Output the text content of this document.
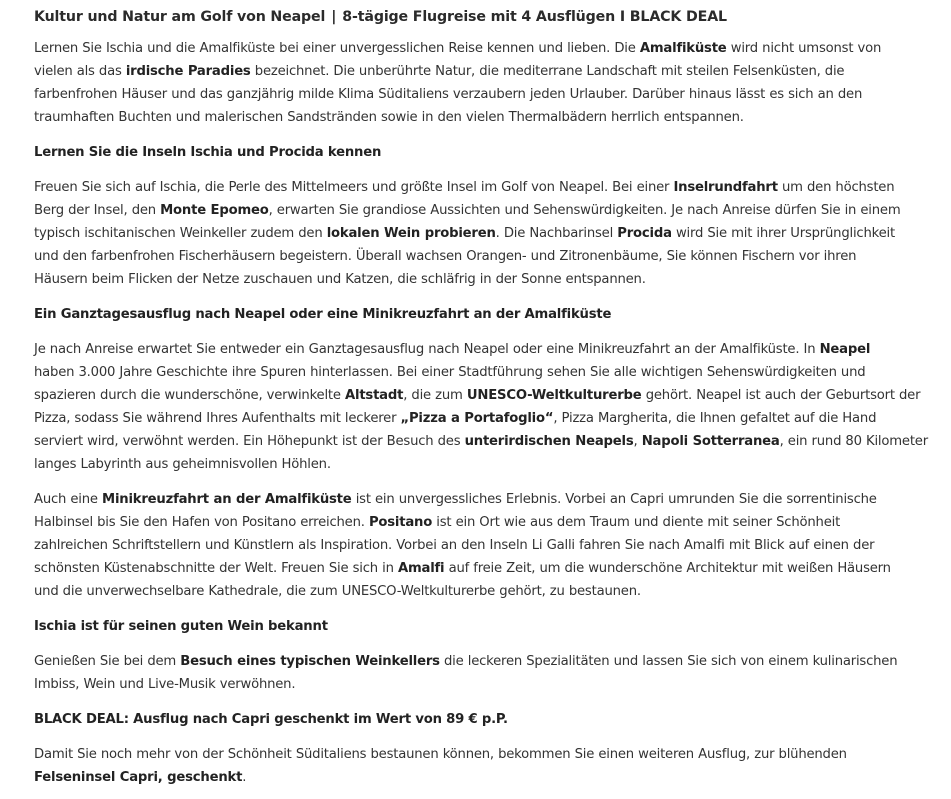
Kultur und Natur am Golf von Neapel | 8-tägige Flugreise mit 4 Ausflügen I BLACK DEAL

Lernen Sie Ischia und die Amalfiküste bei einer unvergesslichen Reise kennen und lieben. Die Amalfiküste wird nicht umsonst von
vielen als das irdische Paradies bezeichnet. Die unberührte Natur, die mediterrane Landschaft mit steilen Felsenküsten, die
farbenfrohen Häuser und das ganzjährig milde Klima Süditaliens verzaubern jeden Urlauber. Darüber hinaus lässt es sich an den
traumhaften Buchten und malerischen Sandstränden sowie in den vielen Thermalbädern herrlich entspannen.

Lernen Sie die Inseln Ischia und Procida kennen

Freuen Sie sich auf Ischia, die Perle des Mittelmeers und größte Insel im Golf von Neapel. Bei einer Inselrundfahrt um den höchsten
Berg der Insel, den Monte Epomeo, erwarten Sie grandiose Aussichten und Sehenswürdigkeiten. Je nach Anreise dürfen Sie in einem
typisch ischitanischen Weinkeller zudem den lokalen Wein probieren. Die Nachbarinsel Procida wird Sie mit ihrer Ursprünglichkeit
und den farbenfrohen Fischerhäusern begeistern. Überall wachsen Orangen- und Zitronenbäume, Sie können Fischern vor ihren
Häusern beim Flicken der Netze zuschauen und Katzen, die schläfrig in der Sonne entspannen.

Ein Ganztagesausflug nach Neapel oder eine Minikreuzfahrt an der Amalfiküste

Je nach Anreise erwartet Sie entweder ein Ganztagesausflug nach Neapel oder eine Minikreuzfahrt an der Amalfiküste. In Neapel
haben 3.000 Jahre Geschichte ihre Spuren hinterlassen. Bei einer Stadtführung sehen Sie alle wichtigen Sehenswürdigkeiten und
spazieren durch die wunderschöne, verwinkelte Altstadt, die zum UNESCO-Weltkulturerbe gehört. Neapel ist auch der Geburtsort der
Pizza, sodass Sie während Ihres Aufenthalts mit leckerer „Pizza a Portafoglio“, Pizza Margherita, die Ihnen gefaltet auf die Hand
serviert wird, verwöhnt werden. Ein Höhepunkt ist der Besuch des unterirdischen Neapels, Napoli Sotterranea, ein rund 80 Kilometer
langes Labyrinth aus geheimnisvollen Höhlen.

Auch eine Minikreuzfahrt an der Amalfiküste ist ein unvergessliches Erlebnis. Vorbei an Capri umrunden Sie die sorrentinische
Halbinsel bis Sie den Hafen von Positano erreichen. Positano ist ein Ort wie aus dem Traum und diente mit seiner Schönheit
zahlreichen Schriftstellern und Künstlern als Inspiration. Vorbei an den Inseln Li Galli fahren Sie nach Amalfi mit Blick auf einen der
schönsten Küstenabschnitte der Welt. Freuen Sie sich in Amalfi auf freie Zeit, um die wunderschöne Architektur mit weißen Häusern
und die unverwechselbare Kathedrale, die zum UNESCO-Weltkulturerbe gehört, zu bestaunen.

Ischia ist für seinen guten Wein bekannt

Genießen Sie bei dem Besuch eines typischen Weinkellers die leckeren Spezialitäten und lassen Sie sich von einem kulinarischen
Imbiss, Wein und Live-Musik verwöhnen.

BLACK DEAL: Ausflug nach Capri geschenkt im Wert von 89 € p.P.

Damit Sie noch mehr von der Schönheit Süditaliens bestaunen können, bekommen Sie einen weiteren Ausflug, zur blühenden
Felseninsel Capri, geschenkt.
